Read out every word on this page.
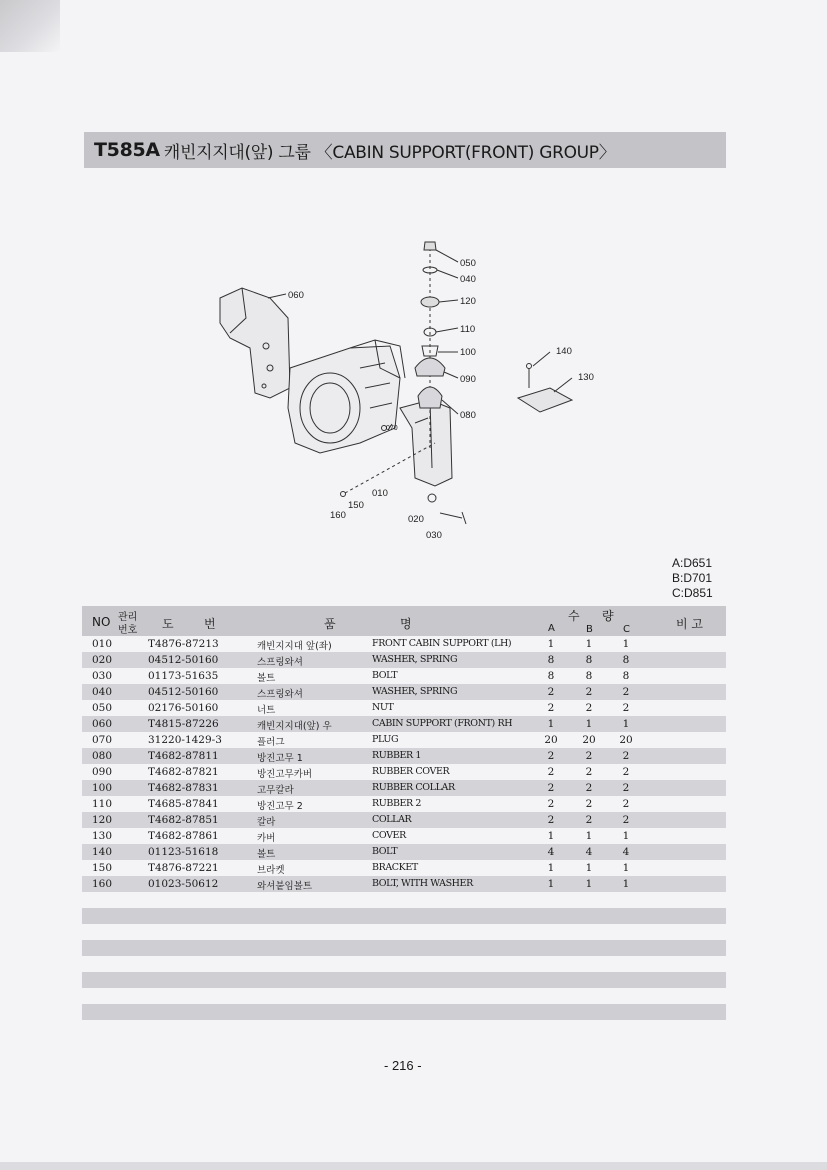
T585A 캐빈지지대(앞) 그룹 〈CABIN SUPPORT(FRONT) GROUP〉
050
040
120
110
100
090
080
070
010
150
160	020
030
140
130
060
A:D651
B:D701
C:D851
NO 관리
번호 도	번	품	명
수 량
A	B	C	비 고
010	T4876-87213	캐빈지지대 앞(좌)	FRONT CABIN SUPPORT (LH)	1	1	1
020	04512-50160	스프링와셔	WASHER, SPRING	8	8	8
030	01173-51635	볼트	BOLT	8	8	8
040	04512-50160	스프링와셔	WASHER, SPRING	2	2	2
050	02176-50160	너트	NUT	2	2	2
060	T4815-87226	캐빈지지대(앞) 우	CABIN SUPPORT (FRONT) RH	1	1	1
070	31220-1429-3	플러그	PLUG	20 20 20
080	T4682-87811	방진고무 1	RUBBER 1	2	2	2
090	T4682-87821	방진고무카버	RUBBER COVER	2	2	2
100	T4682-87831	고무칼라	RUBBER COLLAR	2	2	2
110	T4685-87841	방진고무 2	RUBBER 2	2	2	2
120	T4682-87851	칼라	COLLAR	2	2	2
130	T4682-87861	카버	COVER	1	1	1
140	01123-51618	볼트	BOLT	4	4	4
150	T4876-87221	브라켓	BRACKET	1	1	1
160	01023-50612	와셔붙임볼트	BOLT, WITH WASHER	1	1	1
- 216 -
